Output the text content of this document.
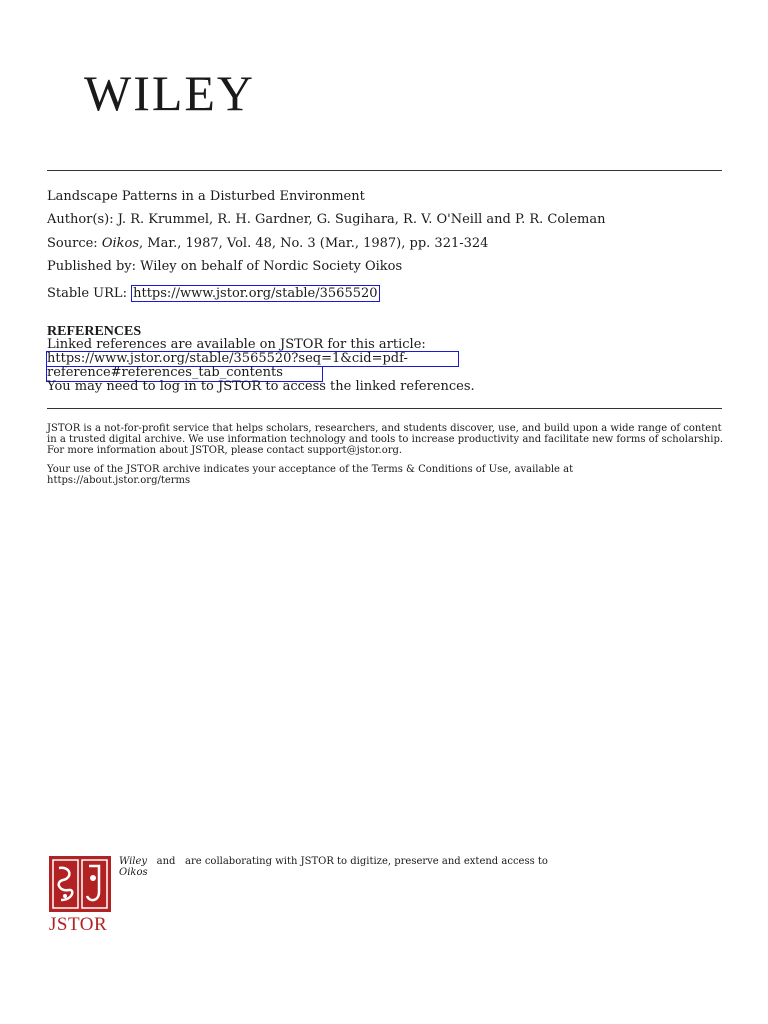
WILEY
Landscape Patterns in a Disturbed Environment
Author(s): J. R. Krummel, R. H. Gardner, G. Sugihara, R. V. O'Neill and P. R. Coleman
Source: Oikos, Mar., 1987, Vol. 48, No. 3 (Mar., 1987), pp. 321-324
Published by: Wiley on behalf of Nordic Society Oikos
Stable URL: https://www.jstor.org/stable/3565520
REFERENCES
Linked references are available on JSTOR for this article:
https://www.jstor.org/stable/3565520?seq=1&cid=pdf-
reference#references_tab_contents
You may need to log in to JSTOR to access the linked references.
JSTOR is a not-for-profit service that helps scholars, researchers, and students discover, use, and build upon a wide range of content in a trusted digital archive. We use information technology and tools to increase productivity and facilitate new forms of scholarship. For more information about JSTOR, please contact support@jstor.org.
Your use of the JSTOR archive indicates your acceptance of the Terms & Conditions of Use, available at https://about.jstor.org/terms
JSTOR
Wiley and are collaborating with JSTOR to digitize, preserve and extend access to
Oikos
